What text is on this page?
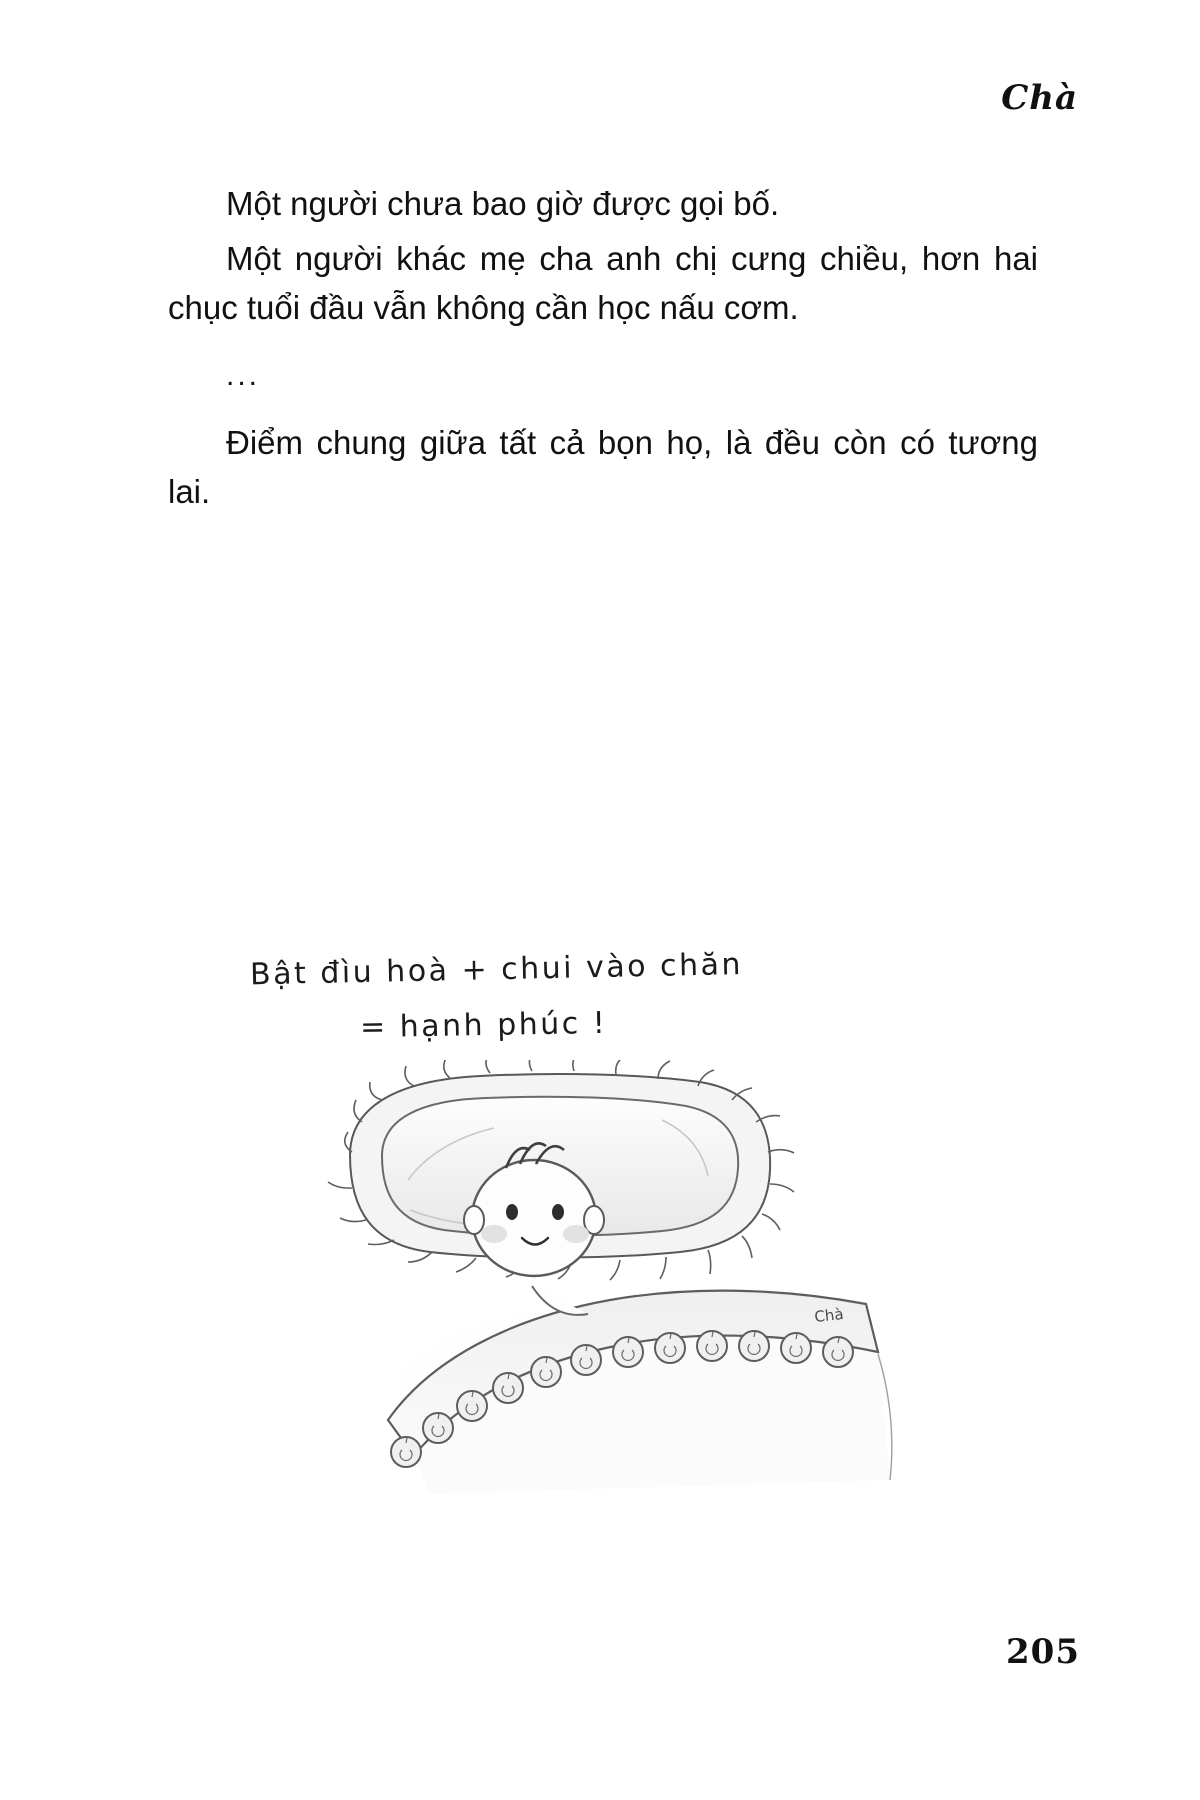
Chà

Một người chưa bao giờ được gọi bố.

Một người khác mẹ cha anh chị cưng chiều, hơn hai chục tuổi đầu vẫn không cần học nấu cơm.

...

Điểm chung giữa tất cả bọn họ, là đều còn có tương lai.

Bật đìu hoà + chui vào chăn
= hạnh phúc !
Chà
205
